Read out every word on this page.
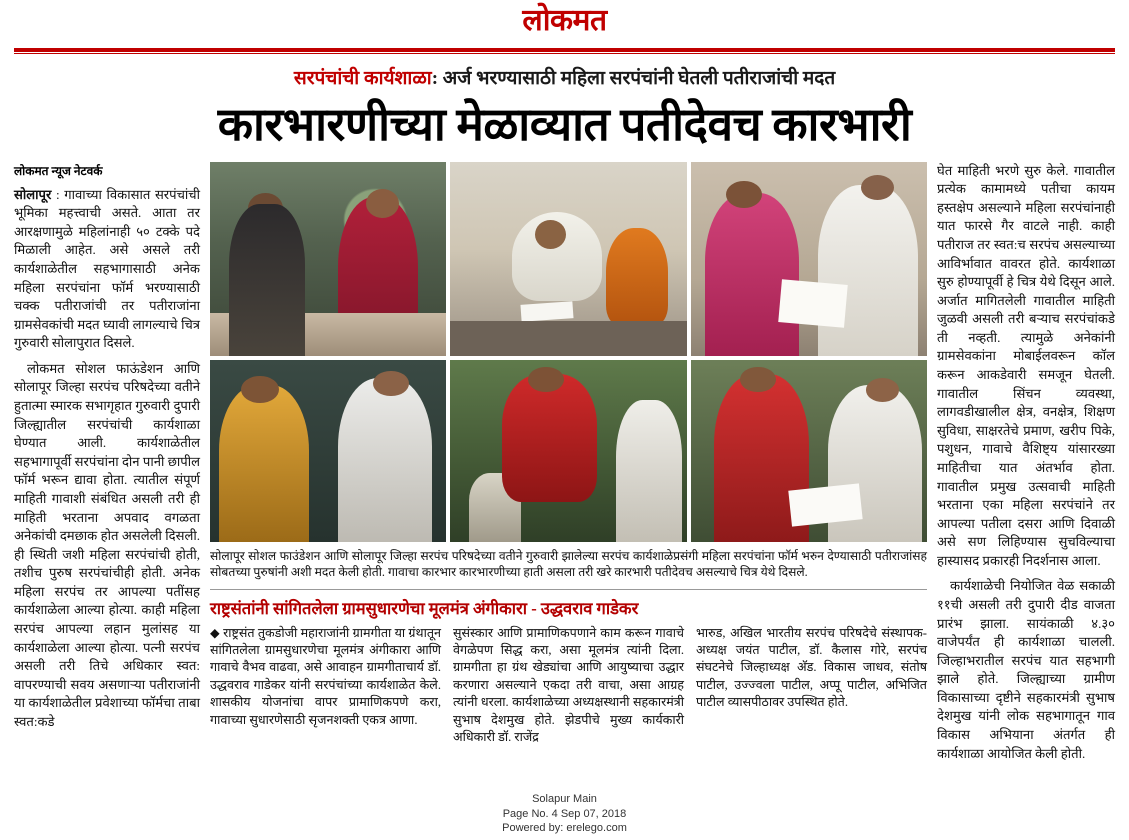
लोकमत
सरपंचांची कार्यशाळा: अर्ज भरण्यासाठी महिला सरपंचांनी घेतली पतीराजांची मदत
कारभारणीच्या मेळाव्यात पतीदेवच कारभारी
लोकमत न्यूज नेटवर्क

सोलापूर : गावाच्या विकासात सरपंचांची भूमिका महत्त्वाची असते. आता तर आरक्षणामुळे महिलांनाही ५० टक्के पदे मिळाली आहेत. असे असले तरी कार्यशाळेतील सहभागासाठी अनेक महिला सरपंचांना फॉर्म भरण्यासाठी चक्क पतीराजांची तर पतीराजांना ग्रामसेवकांची मदत घ्यावी लागल्याचे चित्र गुरुवारी सोलापुरात दिसले.

लोकमत सोशल फाऊंडेशन आणि सोलापूर जिल्हा सरपंच परिषदेच्या वतीने हुतात्मा स्मारक सभागृहात गुरुवारी दुपारी जिल्ह्यातील सरपंचांची कार्यशाळा घेण्यात आली. कार्यशाळेतील सहभागापूर्वी सरपंचांना दोन पानी छापील फॉर्म भरून द्यावा होता. त्यातील संपूर्ण माहिती गावाशी संबंधित असली तरी ही माहिती भरताना अपवाद वगळता अनेकांची दमछाक होत असलेली दिसली. ही स्थिती जशी महिला सरपंचांची होती, तशीच पुरुष सरपंचांचीही होती. अनेक महिला सरपंच तर आपल्या पतींसह कार्यशाळेला आल्या होत्या. काही महिला सरपंच आपल्या लहान मुलांसह या कार्यशाळेला आल्या होत्या. पत्नी सरपंच असली तरी तिचे अधिकार स्वत: वापरण्याची सवय असणाऱ्या पतीराजांनी या कार्यशाळेतील प्रवेशाच्या फॉर्मचा ताबा स्वत:कडे

सोलापूर सोशल फाउंडेशन आणि सोलापूर जिल्हा सरपंच परिषदेच्या वतीने गुरुवारी झालेल्या सरपंच कार्यशाळेप्रसंगी महिला सरपंचांना फॉर्म भरुन देण्यासाठी पतीराजांसह सोबतच्या पुरुषांनी अशी मदत केली होती. गावाचा कारभार कारभारणीच्या हाती असला तरी खरे कारभारी पतीदेवच असल्याचे चित्र येथे दिसले.
राष्ट्रसंतांनी सांगितलेला ग्रामसुधारणेचा मूलमंत्र अंगीकारा - उद्धवराव गाडेकर

◆ राष्ट्रसंत तुकडोजी महाराजांनी ग्रामगीता या ग्रंथातून सांगितलेला ग्रामसुधारणेचा मूलमंत्र अंगीकारा आणि गावाचे वैभव वाढवा, असे आवाहन ग्रामगीताचार्य डॉ. उद्धवराव गाडेकर यांनी सरपंचांच्या कार्यशाळेत केले. शासकीय योजनांचा वापर प्रामाणिकपणे करा, गावाच्या सुधारणेसाठी सृजनशक्ती एकत्र आणा.

सुसंस्कार आणि प्रामाणिकपणाने काम करून गावाचे वेगळेपण सिद्ध करा, असा मूलमंत्र त्यांनी दिला. ग्रामगीता हा ग्रंथ खेड्यांचा आणि आयुष्याचा उद्धार करणारा असल्याने एकदा तरी वाचा, असा आग्रह त्यांनी धरला. कार्यशाळेच्या अध्यक्षस्थानी सहकारमंत्री सुभाष देशमुख होते. झेडपीचे मुख्य कार्यकारी अधिकारी डॉ. राजेंद्र

भारुड, अखिल भारतीय सरपंच परिषदेचे संस्थापक-अध्यक्ष जयंत पाटील, डॉ. कैलास गोरे, सरपंच संघटनेचे जिल्हाध्यक्ष अ‍ॅड. विकास जाधव, संतोष पाटील, उज्ज्वला पाटील, अप्पू पाटील, अभिजित पाटील व्यासपीठावर उपस्थित होते.

घेत माहिती भरणे सुरु केले. गावातील प्रत्येक कामामध्ये पतीचा कायम हस्तक्षेप असल्याने महिला सरपंचांनाही यात फारसे गैर वाटले नाही. काही पतीराज तर स्वत:च सरपंच असल्याच्या आविर्भावात वावरत होते. कार्यशाळा सुरु होण्यापूर्वी हे चित्र येथे दिसून आले. अर्जात मागितलेली गावातील माहिती जुळवी असली तरी बऱ्याच सरपंचांकडे ती नव्हती. त्यामुळे अनेकांनी ग्रामसेवकांना मोबाईलवरून कॉल करून आकडेवारी समजून घेतली. गावातील सिंचन व्यवस्था, लागवडीखालील क्षेत्र, वनक्षेत्र, शिक्षण सुविधा, साक्षरतेचे प्रमाण, खरीप पिके, पशुधन, गावाचे वैशिष्ट्य यांसारख्या माहितीचा यात अंतर्भाव होता. गावातील प्रमुख उत्सवाची माहिती भरताना एका महिला सरपंचांने तर आपल्या पतीला दसरा आणि दिवाळी असे सण लिहिण्यास सुचविल्याचा हास्यासद प्रकारही निदर्शनास आला.

कार्यशाळेची नियोजित वेळ सकाळी ११ची असली तरी दुपारी दीड वाजता प्रारंभ झाला. सायंकाळी ४.३० वाजेपर्यंत ही कार्यशाळा चालली. जिल्हाभरातील सरपंच यात सहभागी झाले होते. जिल्ह्याच्या ग्रामीण विकासाच्या दृष्टीने सहकारमंत्री सुभाष देशमुख यांनी लोक सहभागातून गाव विकास अभियाना अंतर्गत ही कार्यशाळा आयोजित केली होती.

Solapur Main
Page No. 4 Sep 07, 2018
Powered by: erelego.com
